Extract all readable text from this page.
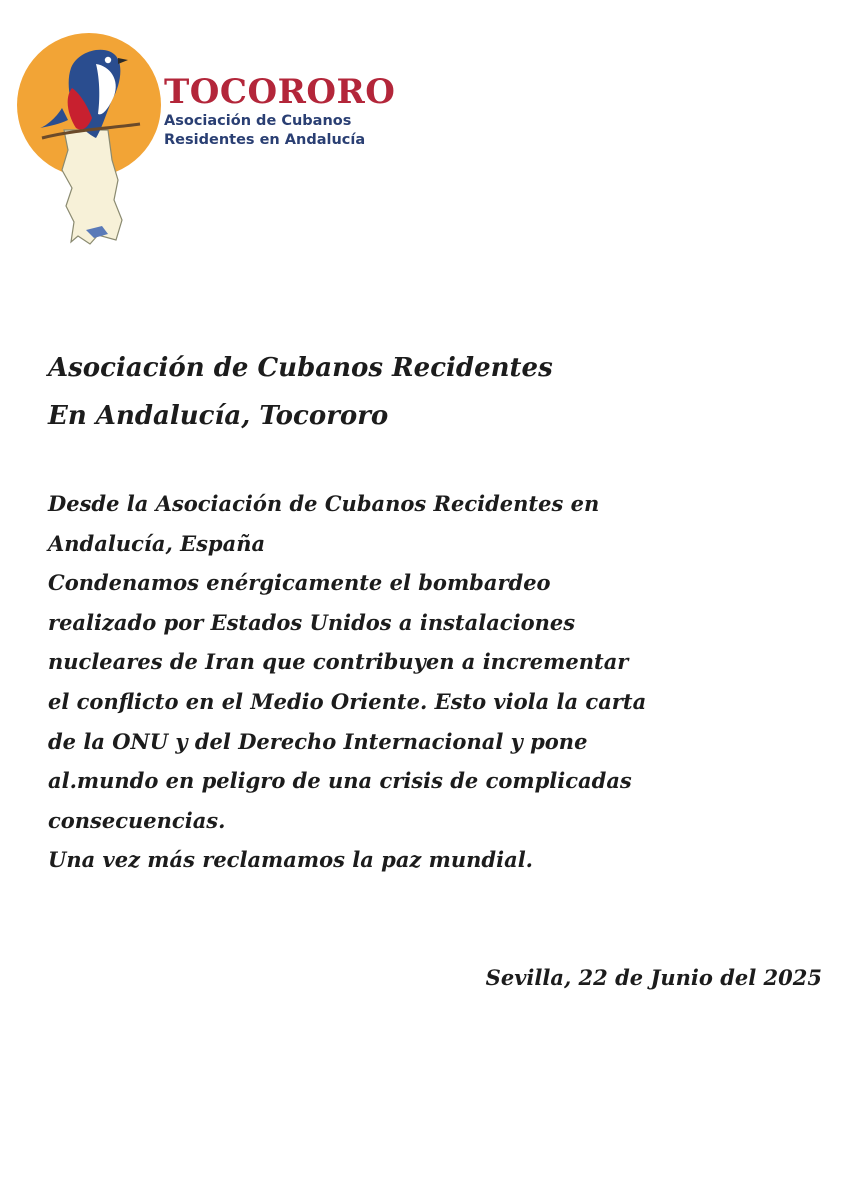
TOCORORO
Asociación de Cubanos
Residentes en Andalucía
Asociación de Cubanos Recidentes
En Andalucía, Tocororo
Desde la Asociación de Cubanos Recidentes en
Andalucía, España
Condenamos enérgicamente el bombardeo
realizado por Estados Unidos a instalaciones
nucleares de Iran que contribuyen a incrementar
el conflicto en el Medio Oriente. Esto viola la carta
de la ONU y del Derecho Internacional y pone
al.mundo en peligro de una crisis de complicadas
consecuencias.
Una vez más reclamamos la paz mundial.
Sevilla, 22 de Junio del 2025
